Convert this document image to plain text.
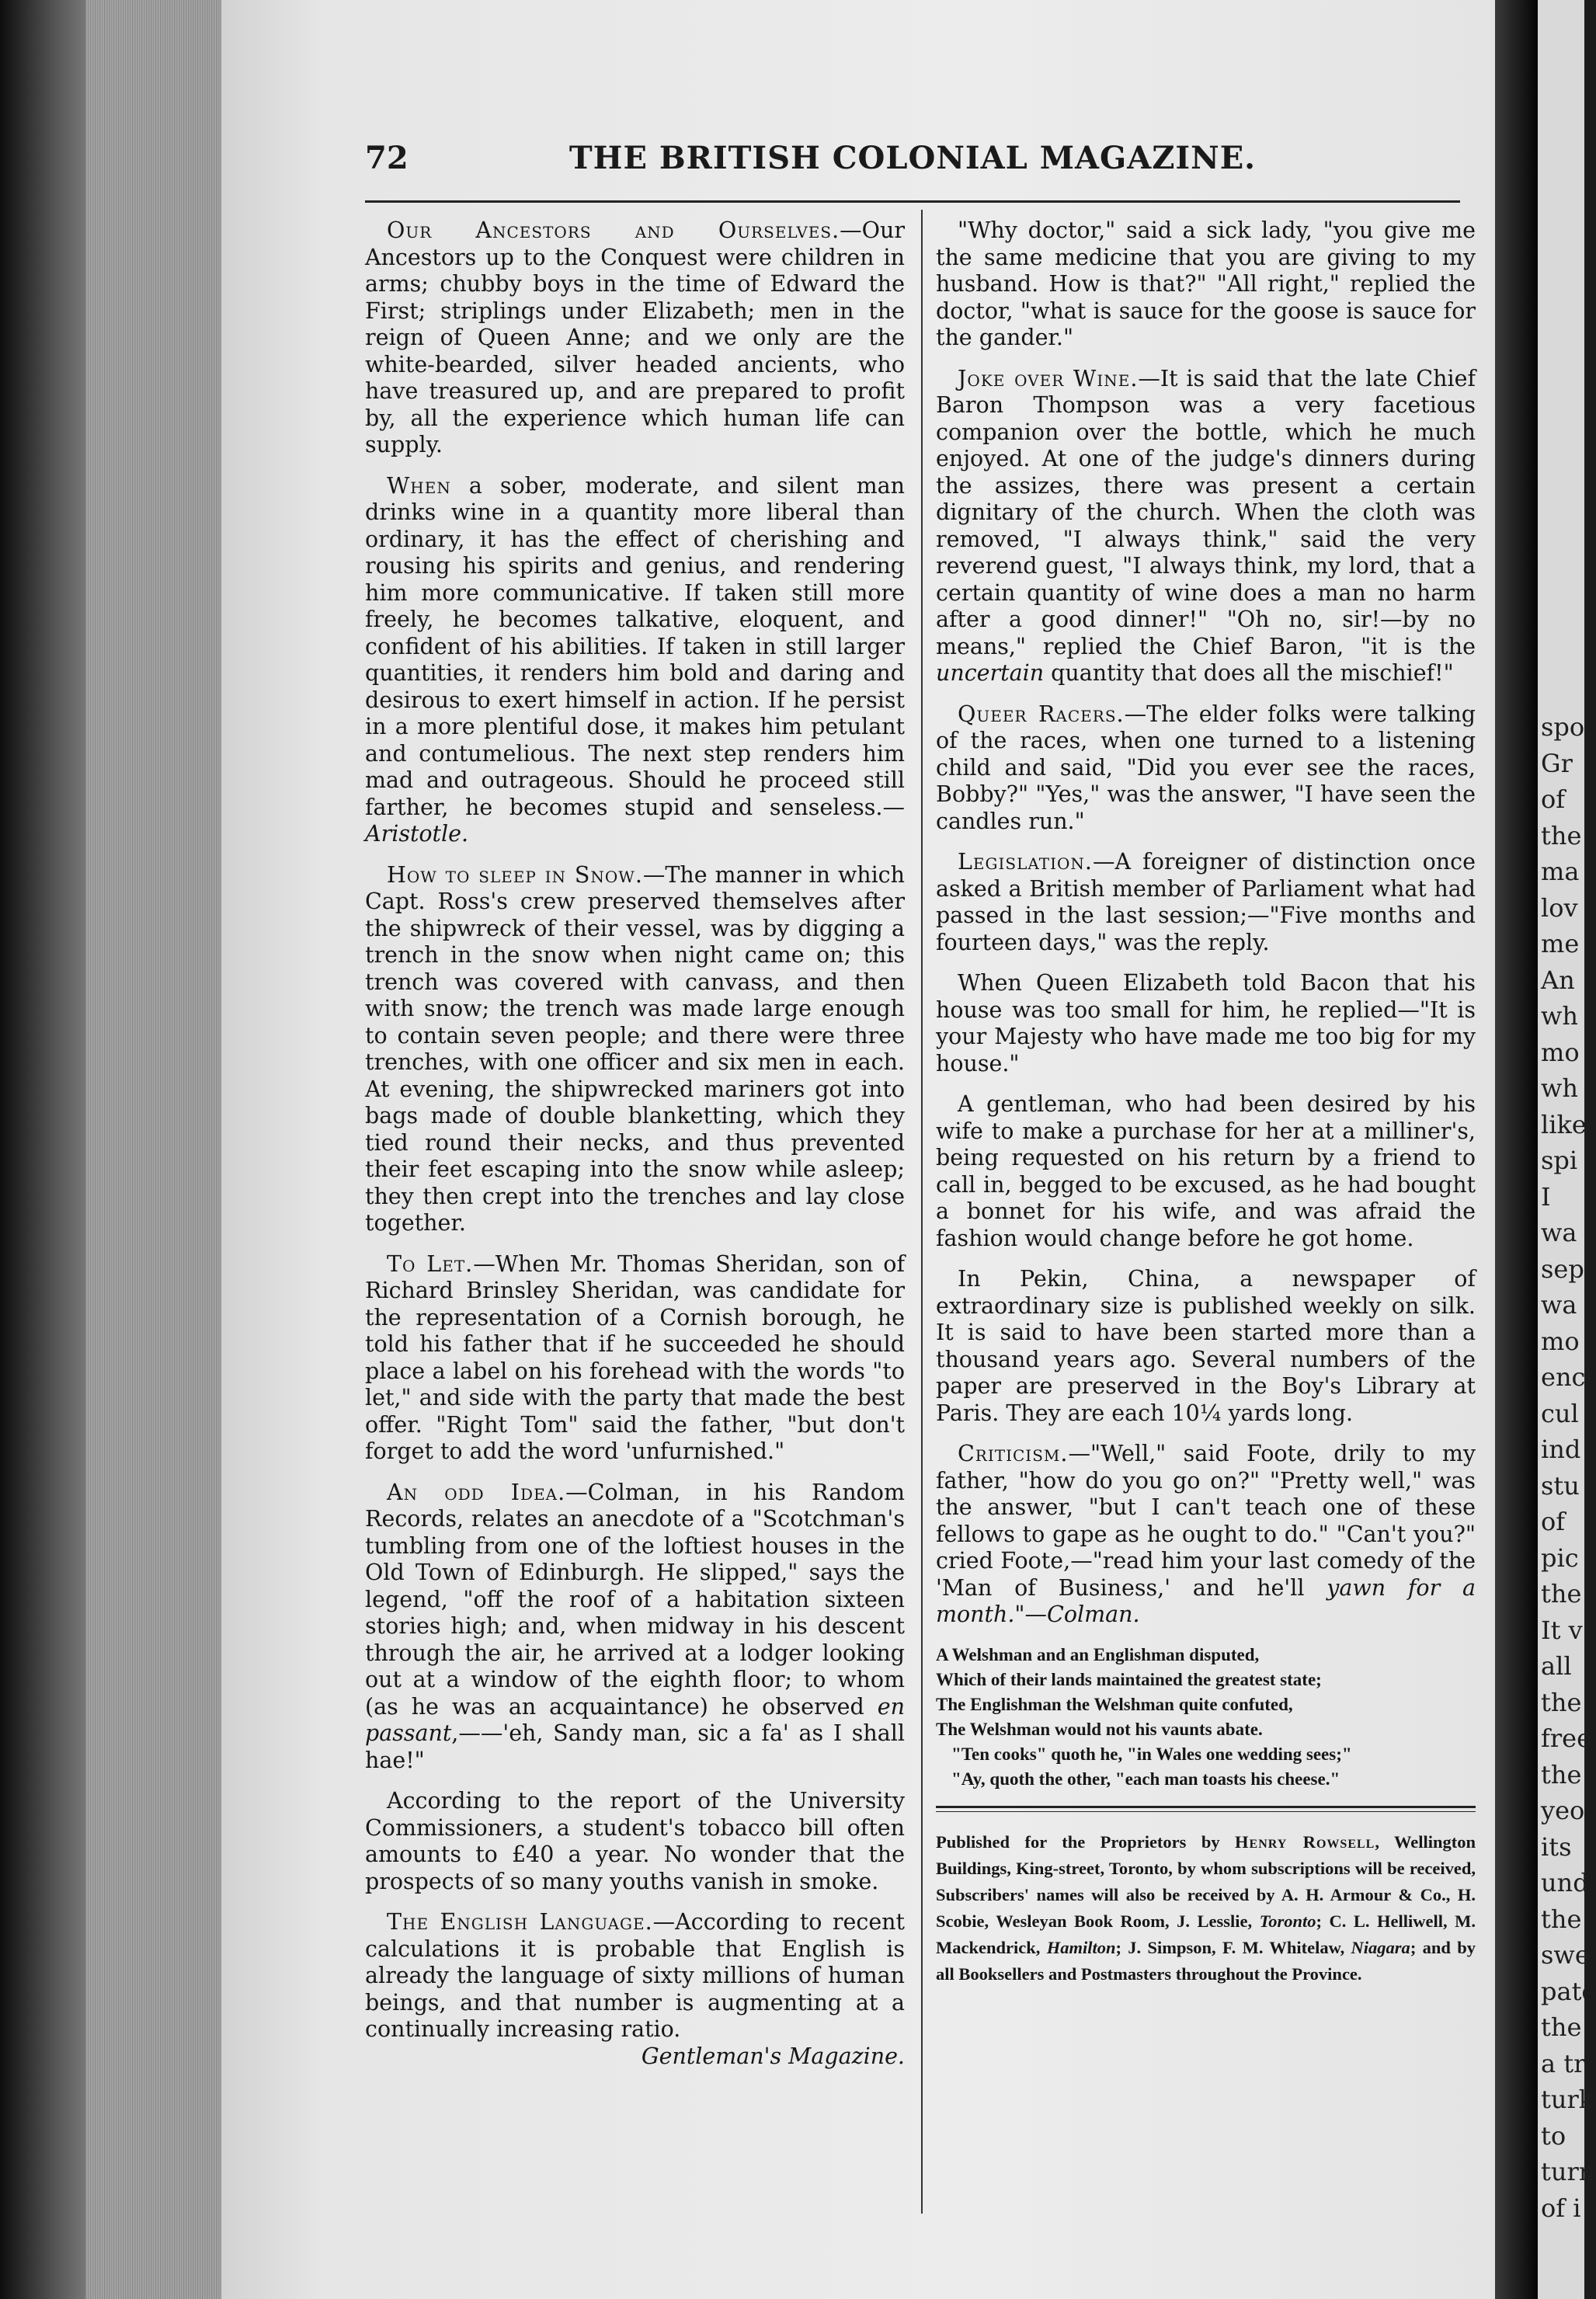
spo
Gr
of
the
ma
lov
me
An
wh
mo
wh
like
spi
I
wa
sep
wa
mo
enc
cul
ind
stu
of
pic
the
It v
all
the
free
the
yeo
its
und
the
swe
pate
the
a tr
turk
to
turn
of i
THE BRITISH COLONIAL MAGAZINE.
72

Our Ancestors and Ourselves.—Our Ancestors up to the Conquest were children in arms; chubby boys in the time of Edward the First; striplings under Elizabeth; men in the reign of Queen Anne; and we only are the white-bearded, silver headed ancients, who have treasured up, and are prepared to profit by, all the experience which human life can supply.

When a sober, moderate, and silent man drinks wine in a quantity more liberal than ordinary, it has the effect of cherishing and rousing his spirits and genius, and rendering him more communicative. If taken still more freely, he becomes talkative, eloquent, and confident of his abilities. If taken in still larger quantities, it renders him bold and daring and desirous to exert himself in action. If he persist in a more plentiful dose, it makes him petulant and contumelious. The next step renders him mad and outrageous. Should he proceed still farther, he becomes stupid and senseless.—Aristotle.

How to sleep in Snow.—The manner in which Capt. Ross's crew preserved themselves after the shipwreck of their vessel, was by digging a trench in the snow when night came on; this trench was covered with canvass, and then with snow; the trench was made large enough to contain seven people; and there were three trenches, with one officer and six men in each. At evening, the shipwrecked mariners got into bags made of double blanketting, which they tied round their necks, and thus prevented their feet escaping into the snow while asleep; they then crept into the trenches and lay close together.

To Let.—When Mr. Thomas Sheridan, son of Richard Brinsley Sheridan, was candidate for the representation of a Cornish borough, he told his father that if he succeeded he should place a label on his forehead with the words "to let," and side with the party that made the best offer. "Right Tom" said the father, "but don't forget to add the word 'unfurnished."

An odd Idea.—Colman, in his Random Records, relates an anecdote of a "Scotchman's tumbling from one of the loftiest houses in the Old Town of Edinburgh. He slipped," says the legend, "off the roof of a habitation sixteen stories high; and, when midway in his descent through the air, he arrived at a lodger looking out at a window of the eighth floor; to whom (as he was an acquaintance) he observed en passant,——'eh, Sandy man, sic a fa' as I shall hae!"

According to the report of the University Commissioners, a student's tobacco bill often amounts to £40 a year. No wonder that the prospects of so many youths vanish in smoke.

The English Language.—According to recent calculations it is probable that English is already the language of sixty millions of human beings, and that number is augmenting at a continually increasing ratio.
Gentleman's Magazine.

"Why doctor," said a sick lady, "you give me the same medicine that you are giving to my husband. How is that?" "All right," replied the doctor, "what is sauce for the goose is sauce for the gander."

Joke over Wine.—It is said that the late Chief Baron Thompson was a very facetious companion over the bottle, which he much enjoyed. At one of the judge's dinners during the assizes, there was present a certain dignitary of the church. When the cloth was removed, "I always think," said the very reverend guest, "I always think, my lord, that a certain quantity of wine does a man no harm after a good dinner!" "Oh no, sir!—by no means," replied the Chief Baron, "it is the uncertain quantity that does all the mischief!"

Queer Racers.—The elder folks were talking of the races, when one turned to a listening child and said, "Did you ever see the races, Bobby?" "Yes," was the answer, "I have seen the candles run."

Legislation.—A foreigner of distinction once asked a British member of Parliament what had passed in the last session;—"Five months and fourteen days," was the reply.

When Queen Elizabeth told Bacon that his house was too small for him, he replied—"It is your Majesty who have made me too big for my house."

A gentleman, who had been desired by his wife to make a purchase for her at a milliner's, being requested on his return by a friend to call in, begged to be excused, as he had bought a bonnet for his wife, and was afraid the fashion would change before he got home.

In Pekin, China, a newspaper of extraordinary size is published weekly on silk. It is said to have been started more than a thousand years ago. Several numbers of the paper are preserved in the Boy's Library at Paris. They are each 10¼ yards long.

Criticism.—"Well," said Foote, drily to my father, "how do you go on?" "Pretty well," was the answer, "but I can't teach one of these fellows to gape as he ought to do." "Can't you?" cried Foote,—"read him your last comedy of the 'Man of Business,' and he'll yawn for a month."—Colman.

A Welshman and an Englishman disputed,
Which of their lands maintained the greatest state;
The Englishman the Welshman quite confuted,
The Welshman would not his vaunts abate.
"Ten cooks" quoth he, "in Wales one wedding sees;"
"Ay, quoth the other, "each man toasts his cheese."
Published for the Proprietors by Henry Rowsell, Wellington Buildings, King-street, Toronto, by whom subscriptions will be received, Subscribers' names will also be received by A. H. Armour & Co., H. Scobie, Wesleyan Book Room, J. Lesslie, Toronto; C. L. Helliwell, M. Mackendrick, Hamilton; J. Simpson, F. M. Whitelaw, Niagara; and by all Booksellers and Postmasters throughout the Province.
